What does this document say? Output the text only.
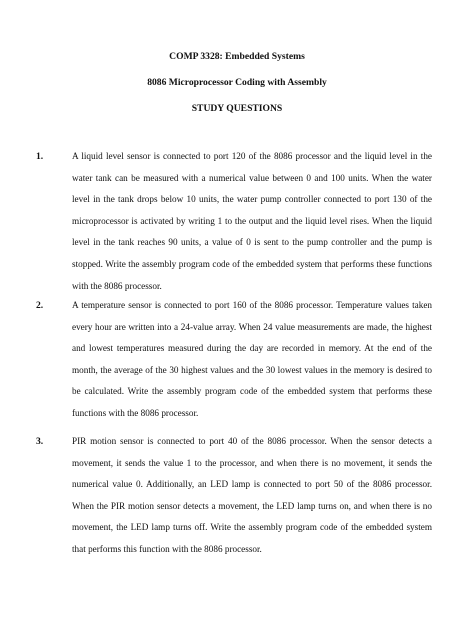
COMP 3328: Embedded Systems
8086 Microprocessor Coding with Assembly
STUDY QUESTIONS
1.	A liquid level sensor is connected to port 120 of the 8086 processor and the liquid level in the water tank can be measured with a numerical value between 0 and 100 units. When the water level in the tank drops below 10 units, the water pump controller connected to port 130 of the microprocessor is activated by writing 1 to the output and the liquid level rises. When the liquid level in the tank reaches 90 units, a value of 0 is sent to the pump controller and the pump is stopped. Write the assembly program code of the embedded system that performs these functions with the 8086 processor.
2.	A temperature sensor is connected to port 160 of the 8086 processor. Temperature values taken every hour are written into a 24-value array. When 24 value measurements are made, the highest and lowest temperatures measured during the day are recorded in memory. At the end of the month, the average of the 30 highest values and the 30 lowest values in the memory is desired to be calculated. Write the assembly program code of the embedded system that performs these functions with the 8086 processor.
3.	PIR motion sensor is connected to port 40 of the 8086 processor. When the sensor detects a movement, it sends the value 1 to the processor, and when there is no movement, it sends the numerical value 0. Additionally, an LED lamp is connected to port 50 of the 8086 processor. When the PIR motion sensor detects a movement, the LED lamp turns on, and when there is no movement, the LED lamp turns off. Write the assembly program code of the embedded system that performs this function with the 8086 processor.
